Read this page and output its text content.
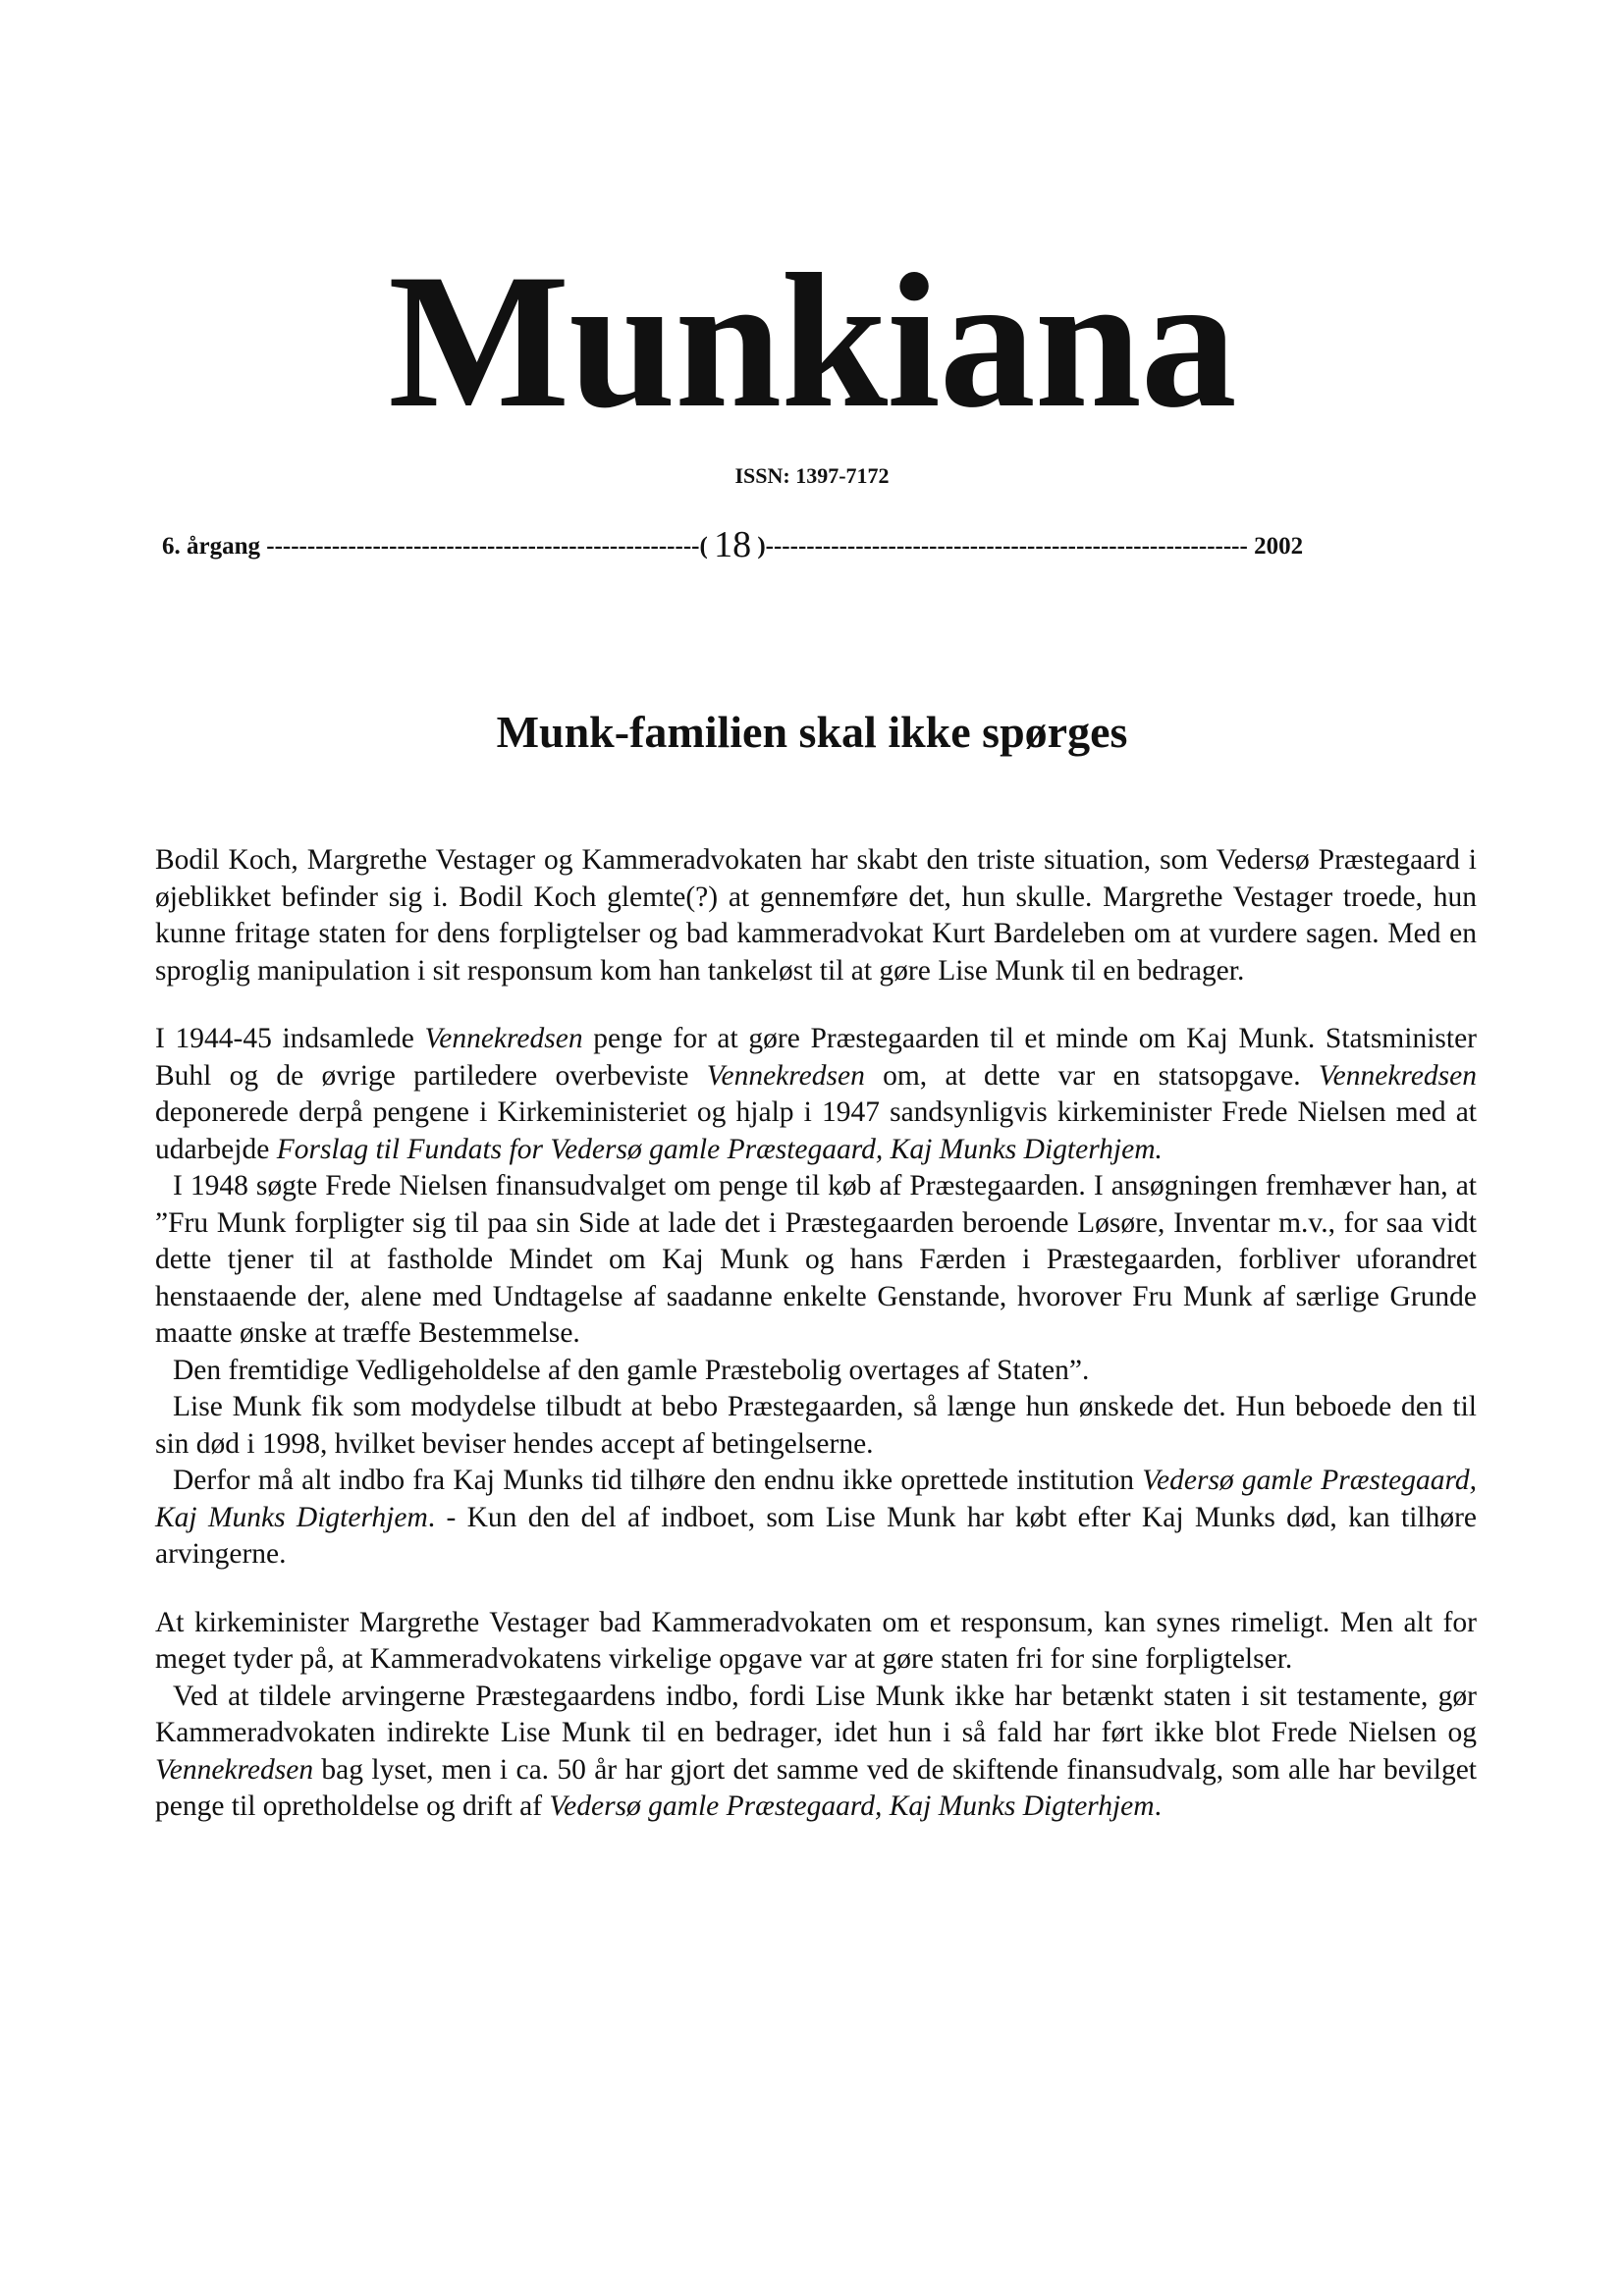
Munkiana
ISSN: 1397-7172
6. årgang -----------------------------------------------------( 18 )----------------------------------------------------------- 2002
Munk-familien skal ikke spørges

Bodil Koch, Margrethe Vestager og Kammeradvokaten har skabt den triste situation, som Vedersø Præstegaard i øjeblikket befinder sig i. Bodil Koch glemte(?) at gennemføre det, hun skulle. Margrethe Vestager troede, hun kunne fritage staten for dens forpligtelser og bad kammeradvokat Kurt Bardeleben om at vurdere sagen. Med en sproglig manipulation i sit responsum kom han tankeløst til at gøre Lise Munk til en bedrager.

I 1944-45 indsamlede Vennekredsen penge for at gøre Præstegaarden til et minde om Kaj Munk. Statsminister Buhl og de øvrige partiledere overbeviste Vennekredsen om, at dette var en statsopgave. Vennekredsen deponerede derpå pengene i Kirkeministeriet og hjalp i 1947 sandsynligvis kirkeminister Frede Nielsen med at udarbejde Forslag til Fundats for Vedersø gamle Præstegaard, Kaj Munks Digterhjem.

I 1948 søgte Frede Nielsen finansudvalget om penge til køb af Præstegaarden. I ansøgningen fremhæver han, at ”Fru Munk forpligter sig til paa sin Side at lade det i Præstegaarden beroende Løsøre, Inventar m.v., for saa vidt dette tjener til at fastholde Mindet om Kaj Munk og hans Færden i Præstegaarden, forbliver uforandret henstaaende der, alene med Undtagelse af saadanne enkelte Genstande, hvorover Fru Munk af særlige Grunde maatte ønske at træffe Bestemmelse.

Den fremtidige Vedligeholdelse af den gamle Præstebolig overtages af Staten”.

Lise Munk fik som modydelse tilbudt at bebo Præstegaarden, så længe hun ønskede det. Hun beboede den til sin død i 1998, hvilket beviser hendes accept af betingelserne.

Derfor må alt indbo fra Kaj Munks tid tilhøre den endnu ikke oprettede institution Vedersø gamle Præstegaard, Kaj Munks Digterhjem. - Kun den del af indboet, som Lise Munk har købt efter Kaj Munks død, kan tilhøre arvingerne.

At kirkeminister Margrethe Vestager bad Kammeradvokaten om et responsum, kan synes rimeligt. Men alt for meget tyder på, at Kammeradvokatens virkelige opgave var at gøre staten fri for sine forpligtelser.

Ved at tildele arvingerne Præstegaardens indbo, fordi Lise Munk ikke har betænkt staten i sit testamente, gør Kammeradvokaten indirekte Lise Munk til en bedrager, idet hun i så fald har ført ikke blot Frede Nielsen og Vennekredsen bag lyset, men i ca. 50 år har gjort det samme ved de skiftende finansudvalg, som alle har bevilget penge til opretholdelse og drift af Vedersø gamle Præstegaard, Kaj Munks Digterhjem.
